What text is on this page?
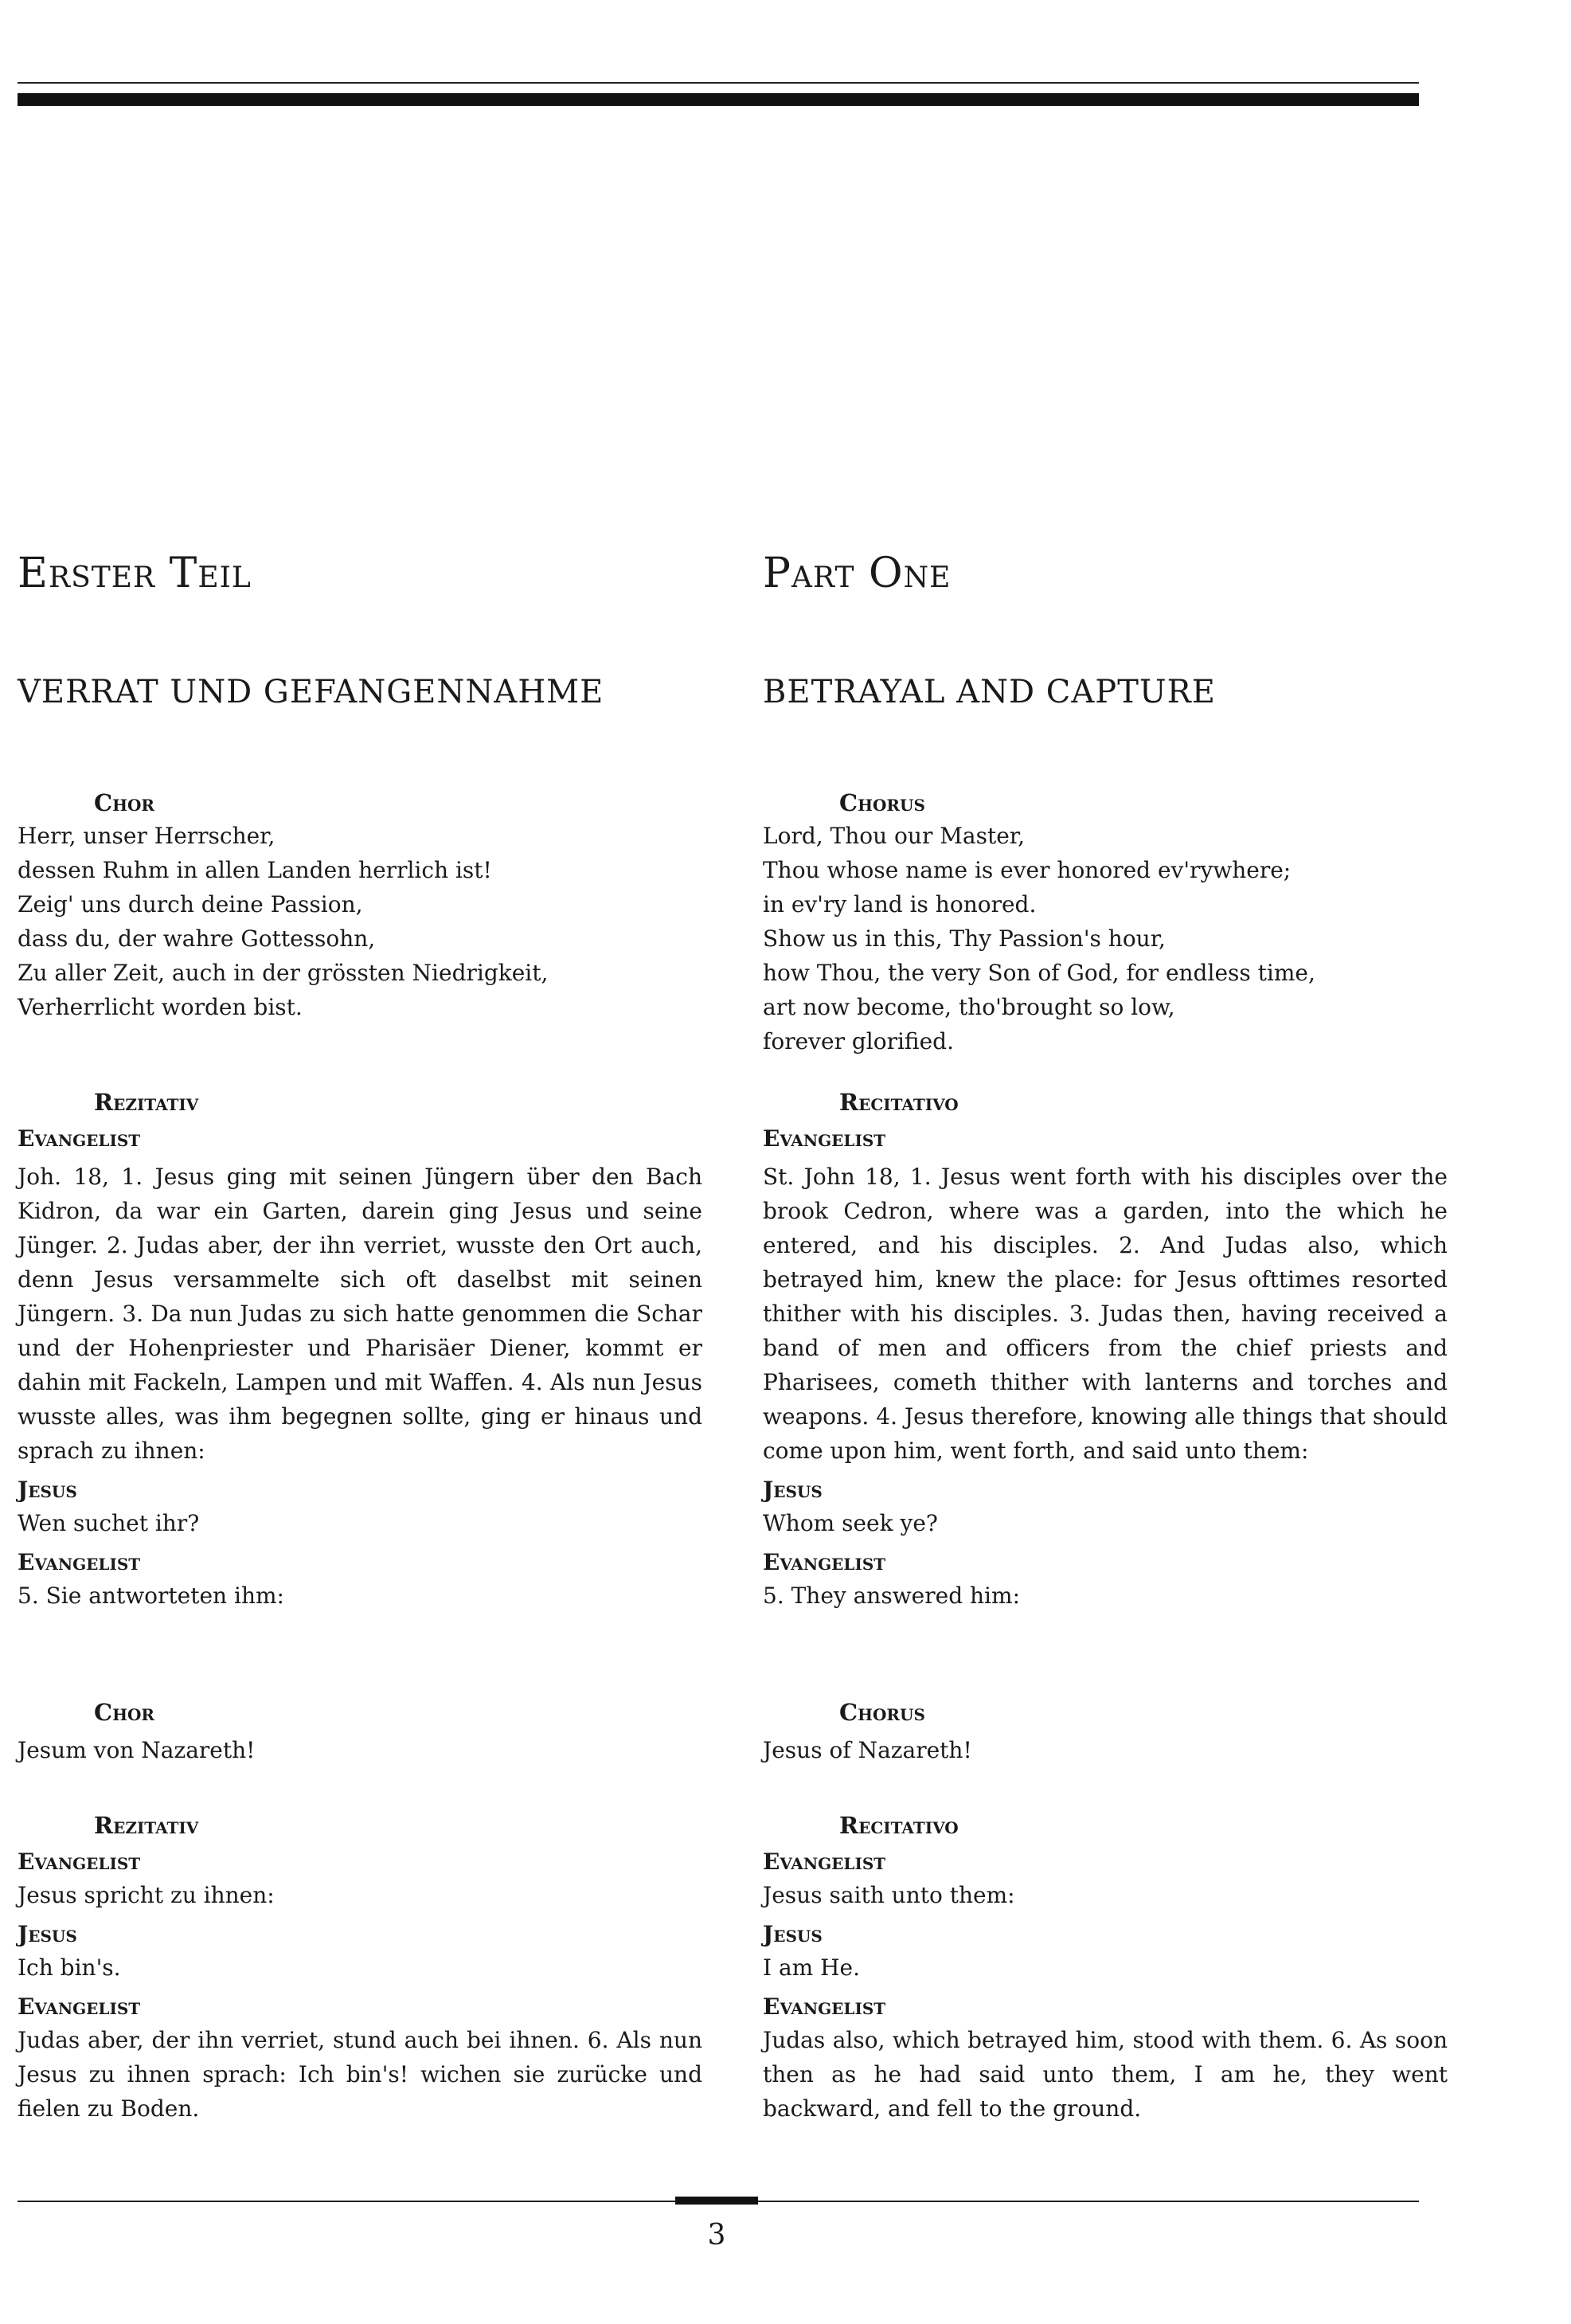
Erster Teil
VERRAT UND GEFANGENNAHME
Chor

Herr, unser Herrscher,
dessen Ruhm in allen Landen herrlich ist!
Zeig' uns durch deine Passion,
dass du, der wahre Gottessohn,
Zu aller Zeit, auch in der grössten Niedrigkeit,
Verherrlicht worden bist.

Rezitativ
Evangelist

Joh. 18, 1. Jesus ging mit seinen Jüngern über den Bach Kidron, da war ein Garten, darein ging Jesus und seine Jünger. 2. Judas aber, der ihn verriet, wusste den Ort auch, denn Jesus versammelte sich oft daselbst mit seinen Jüngern. 3. Da nun Judas zu sich hatte genommen die Schar und der Hohenpriester und Pharisäer Diener, kommt er dahin mit Fackeln, Lampen und mit Waffen. 4. Als nun Jesus wusste alles, was ihm begegnen sollte, ging er hinaus und sprach zu ihnen:

Jesus

Wen suchet ihr?

Evangelist

5. Sie antworteten ihm:

Chor

Jesum von Nazareth!

Rezitativ
Evangelist

Jesus spricht zu ihnen:

Jesus

Ich bin's.

Evangelist

Judas aber, der ihn verriet, stund auch bei ihnen. 6. Als nun Jesus zu ihnen sprach: Ich bin's! wichen sie zurücke und fielen zu Boden.

Part One
BETRAYAL AND CAPTURE
Chorus

Lord, Thou our Master,
Thou whose name is ever honored ev'rywhere;
in ev'ry land is honored.
Show us in this, Thy Passion's hour,
how Thou, the very Son of God, for endless time,
art now become, tho'brought so low,
forever glorified.

Recitativo
Evangelist

St. John 18, 1. Jesus went forth with his disciples over the brook Cedron, where was a garden, into the which he entered, and his disciples. 2. And Judas also, which betrayed him, knew the place: for Jesus ofttimes resorted thither with his disciples. 3. Judas then, having received a band of men and officers from the chief priests and Pharisees, cometh thither with lanterns and torches and weapons. 4. Jesus therefore, knowing alle things that should come upon him, went forth, and said unto them:

Jesus

Whom seek ye?

Evangelist

5. They answered him:

Chorus

Jesus of Nazareth!

Recitativo
Evangelist

Jesus saith unto them:

Jesus

I am He.

Evangelist

Judas also, which betrayed him, stood with them. 6. As soon then as he had said unto them, I am he, they went backward, and fell to the ground.

3
